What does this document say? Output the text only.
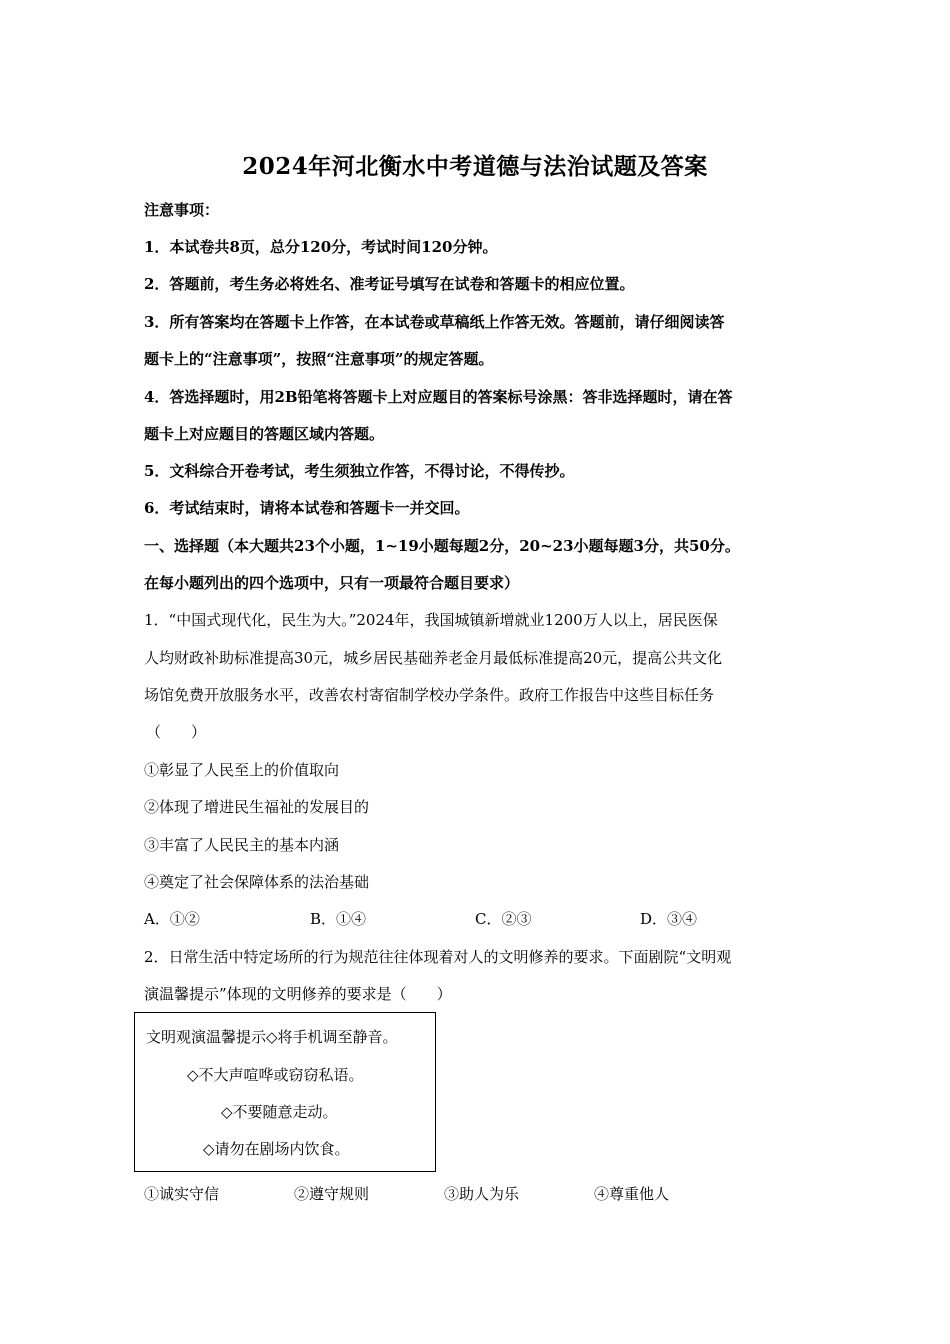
2024年河北衡水中考道德与法治试题及答案
注意事项：
1．本试卷共8页，总分120分，考试时间120分钟。
2．答题前，考生务必将姓名、准考证号填写在试卷和答题卡的相应位置。
3．所有答案均在答题卡上作答，在本试卷或草稿纸上作答无效。答题前，请仔细阅读答
题卡上的“注意事项”，按照“注意事项”的规定答题。
4．答选择题时，用2B铅笔将答题卡上对应题目的答案标号涂黑：答非选择题时，请在答
题卡上对应题目的答题区域内答题。
5．文科综合开卷考试，考生须独立作答，不得讨论，不得传抄。
6．考试结束时，请将本试卷和答题卡一并交回。
一、选择题（本大题共23个小题，1~19小题每题2分，20~23小题每题3分，共50分。
在每小题列出的四个选项中，只有一项最符合题目要求）
1．“中国式现代化，民生为大。”2024年，我国城镇新增就业1200万人以上，居民医保
人均财政补助标准提高30元，城乡居民基础养老金月最低标准提高20元，提高公共文化
场馆免费开放服务水平，改善农村寄宿制学校办学条件。政府工作报告中这些目标任务
（　　）
①彰显了人民至上的价值取向
②体现了增进民生福祉的发展目的
③丰富了人民民主的基本内涵
④奠定了社会保障体系的法治基础
A．①②	B．①④	C．②③	D．③④
2．日常生活中特定场所的行为规范往往体现着对人的文明修养的要求。下面剧院“文明观
演温馨提示”体现的文明修养的要求是（　　）
文明观演温馨提示◇将手机调至静音。
◇不大声喧哗或窃窃私语。
◇不要随意走动。
◇请勿在剧场内饮食。
①诚实守信	②遵守规则	③助人为乐	④尊重他人
